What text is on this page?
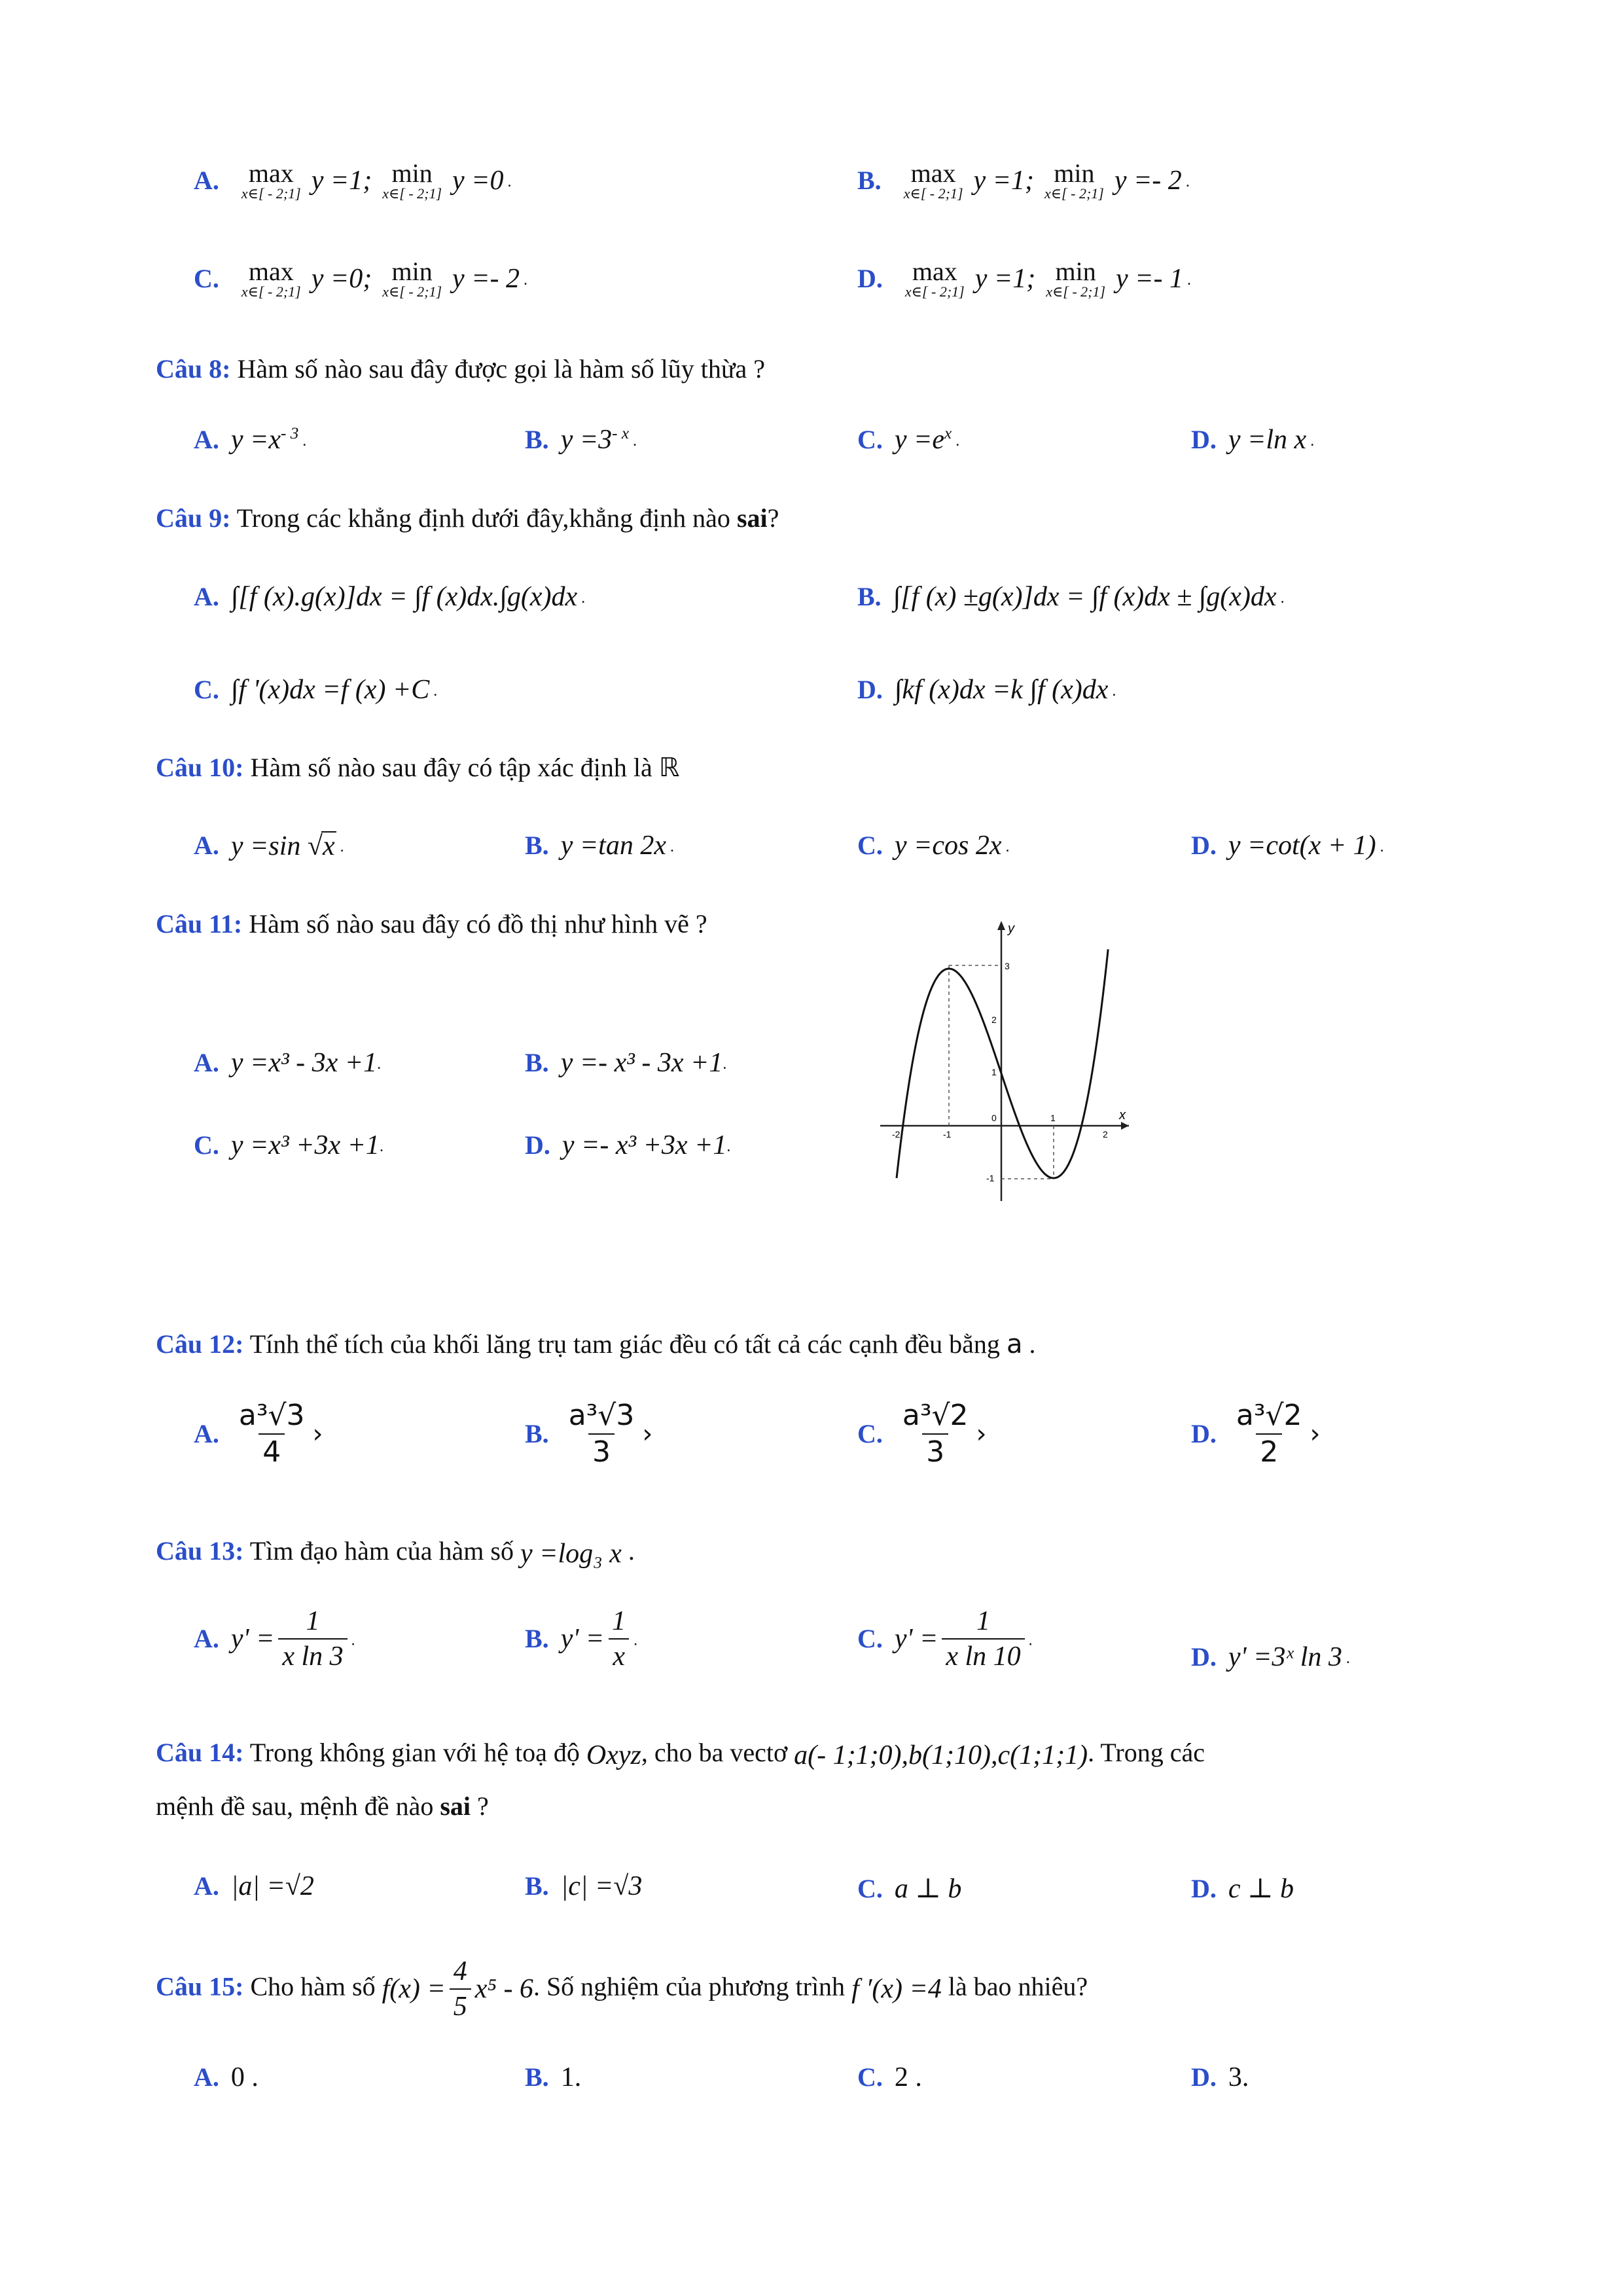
A. max
x∈[ - 2;1] y =1; min
x∈[ - 2;1] y =0 .	B. max
x∈[ - 2;1] y =1; min
x∈[ - 2;1] y =- 2 .
C. max
x∈[ - 2;1] y =0; min
x∈[ - 2;1] y =- 2 .	D. max
x∈[ - 2;1] y =1; min
x∈[ - 2;1] y =- 1 .
Câu 8: Hàm số nào sau đây được gọi là hàm số lũy thừa ?
A. $y =x^{- 3}$ .	B. $y =3^{- x}$ .	C. $y =e^x$ .	D. y =ln x .
Câu 9: Trong các khẳng định dưới đây,khẳng định nào sai?
A. ∫[f (x).g(x)]dx = ∫f (x)dx.∫g(x)dx .	B. ∫[f (x) ±g(x)]dx = ∫f (x)dx ± ∫g(x)dx .
C. ∫f '(x)dx =f (x) +C .	D. ∫kf (x)dx =k ∫f (x)dx .
Câu 10: Hàm số nào sau đây có tập xác định là ℝ
A. y =sin √x .	B. y =tan 2x .	C. y =cos 2x .	D. y =cot(x + 1) .
Câu 11: Hàm số nào sau đây có đồ thị như hình vẽ ?
A. y =x³ - 3x +1.	B. y =- x³ - 3x +1.
C. y =x³ +3x +1.	D. y =- x³ +3x +1.
y
x
3
2
1
0
-1
-2	-1
1
2
Câu 12: Tính thể tích của khối lăng trụ tam giác đều có tất cả các cạnh đều bằng a .
A. $\frac{\text{a³√3}}{4}$ ›	B. $\frac{\text{a³√3}}{3}$ ›	C. $\frac{\text{a³√2}}{3}$ ›	D. $\frac{\text{a³√2}}{2}$ ›
Câu 13: Tìm đạo hàm của hàm số y =log₃ x .
A. $y' = \frac{1}{\text{x ln 3}}$ .	B. $y' = \frac{1}{x}$ .	C. $y' = \frac{1}{\text{x ln 10}}$ .
D. y' =3ˣ ln 3 .
Câu 14: Trong không gian với hệ toạ độ Oxyz, cho ba vectơ a(- 1;1;0),b(1;10),c(1;1;1). Trong các
mệnh đề sau, mệnh đề nào sai ?
A. |a| =√2	B. |c| =√3	C. a ⊥ b	D. c ⊥ b
Câu 15: Cho hàm số $f(x) = \frac{4}{5} x^5 - 6$. Số nghiệm của phương trình f ′(x) =4 là bao nhiêu?
A. 0 .	B. 1.	C. 2 .	D. 3.
